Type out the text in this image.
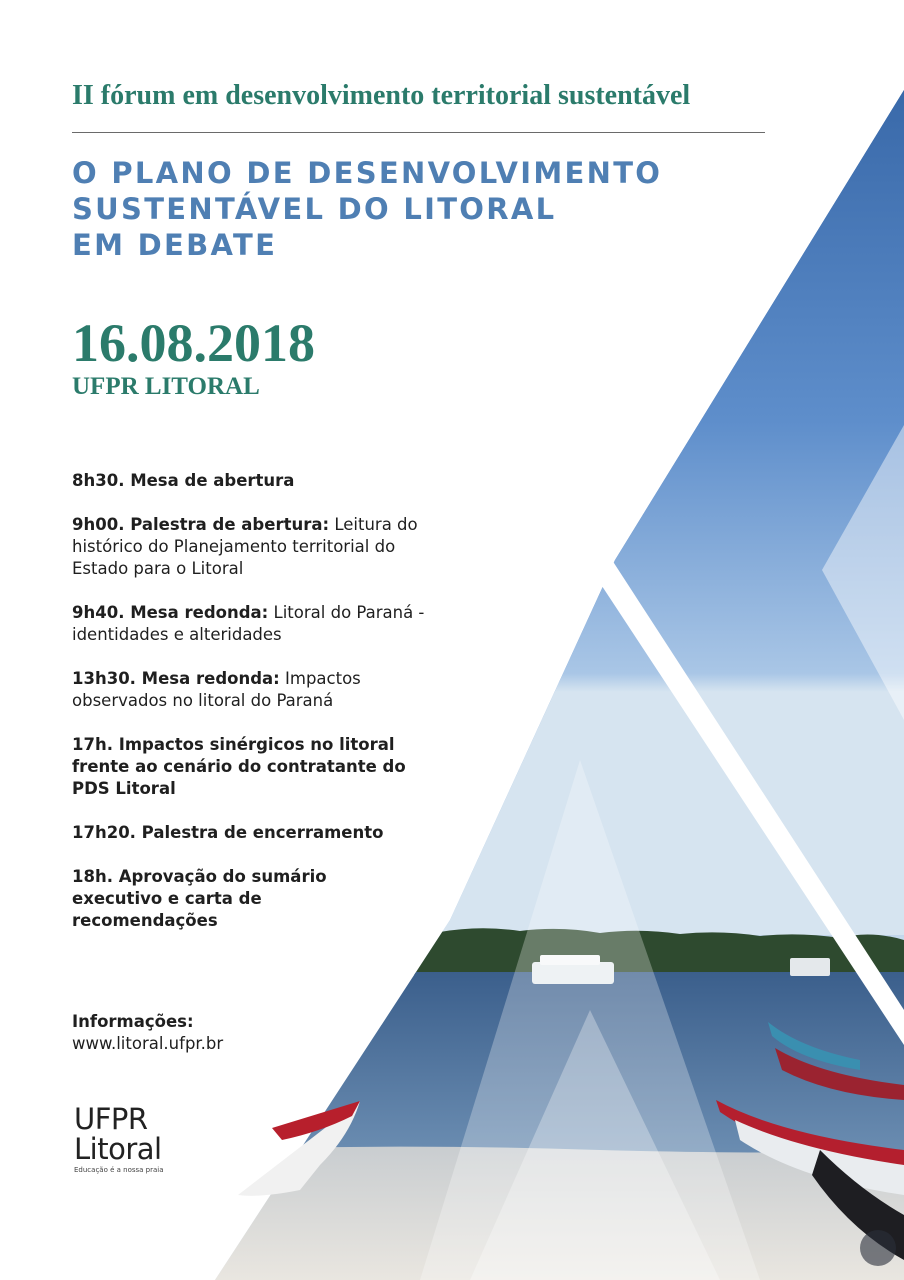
II fórum em desenvolvimento territorial sustentável
O PLANO DE DESENVOLVIMENTO
SUSTENTÁVEL DO LITORAL
EM DEBATE
16.08.2018
UFPR LITORAL
8h30. Mesa de abertura
9h00. Palestra de abertura: Leitura do histórico do Planejamento territorial do Estado para o Litoral
9h40. Mesa redonda: Litoral do Paraná - identidades e alteridades
13h30. Mesa redonda: Impactos observados no litoral do Paraná
17h. Impactos sinérgicos no litoral frente ao cenário do contratante do PDS Litoral
17h20. Palestra de encerramento
18h. Aprovação do sumário executivo e carta de recomendações
Informações:
www.litoral.ufpr.br
UFPR
Litoral
Educação é a nossa praia
